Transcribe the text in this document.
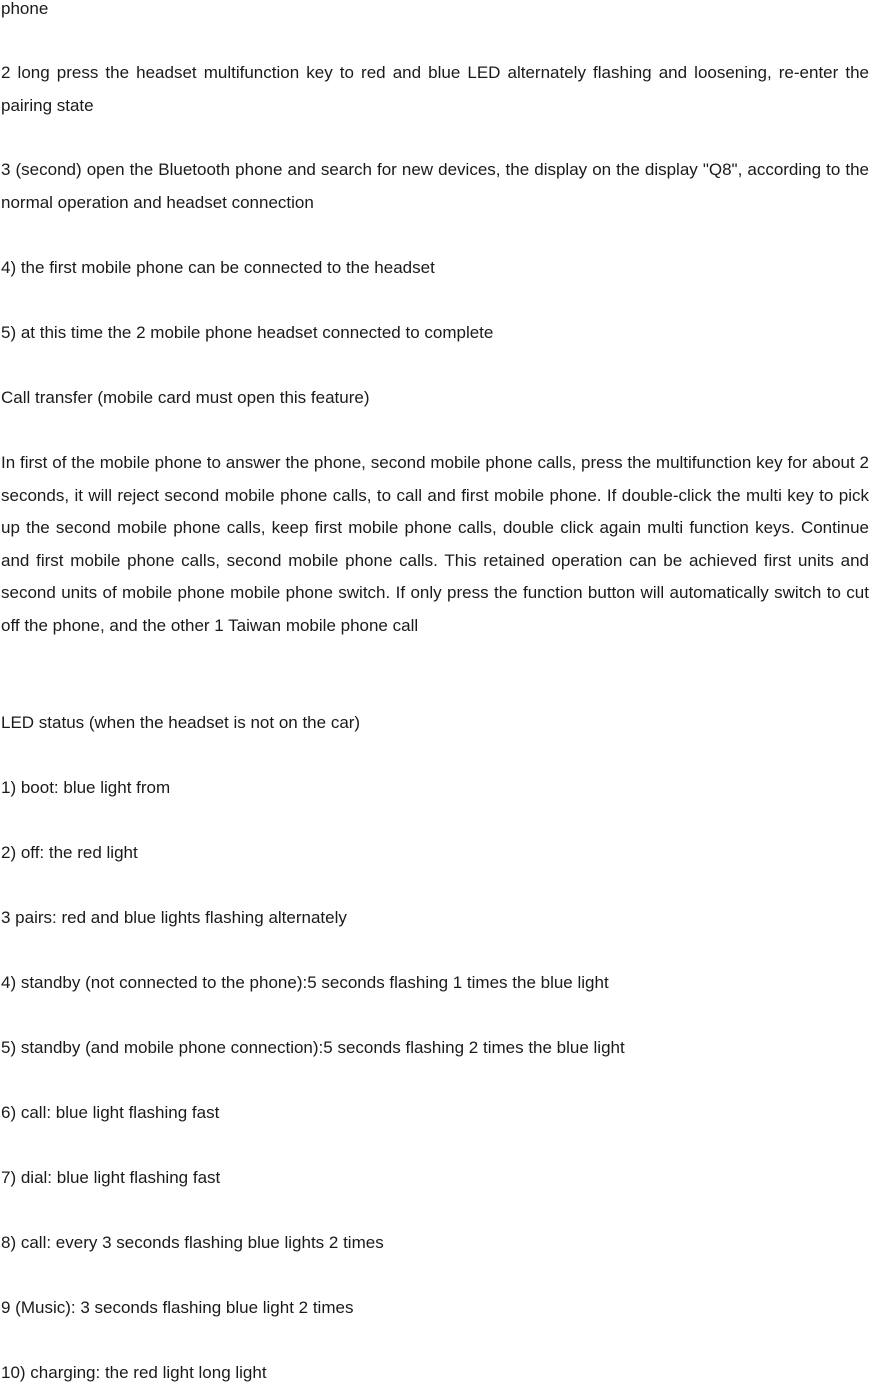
phone
2 long press the headset multifunction key to red and blue LED alternately flashing and loosening, re-enter the pairing state
3 (second) open the Bluetooth phone and search for new devices, the display on the display "Q8", according to the normal operation and headset connection
4) the first mobile phone can be connected to the headset
5) at this time the 2 mobile phone headset connected to complete
Call transfer (mobile card must open this feature)
In first of the mobile phone to answer the phone, second mobile phone calls, press the multifunction key for about 2 seconds, it will reject second mobile phone calls, to call and first mobile phone. If double-click the multi key to pick up the second mobile phone calls, keep first mobile phone calls, double click again multi function keys. Continue and first mobile phone calls, second mobile phone calls. This retained operation can be achieved first units and second units of mobile phone mobile phone switch. If only press the function button will automatically switch to cut off the phone, and the other 1 Taiwan mobile phone call
LED status (when the headset is not on the car)
1) boot: blue light from
2) off: the red light
3 pairs: red and blue lights flashing alternately
4) standby (not connected to the phone):5 seconds flashing 1 times the blue light
5) standby (and mobile phone connection):5 seconds flashing 2 times the blue light
6) call: blue light flashing fast
7) dial: blue light flashing fast
8) call: every 3 seconds flashing blue lights 2 times
9 (Music): 3 seconds flashing blue light 2 times
10) charging: the red light long light
